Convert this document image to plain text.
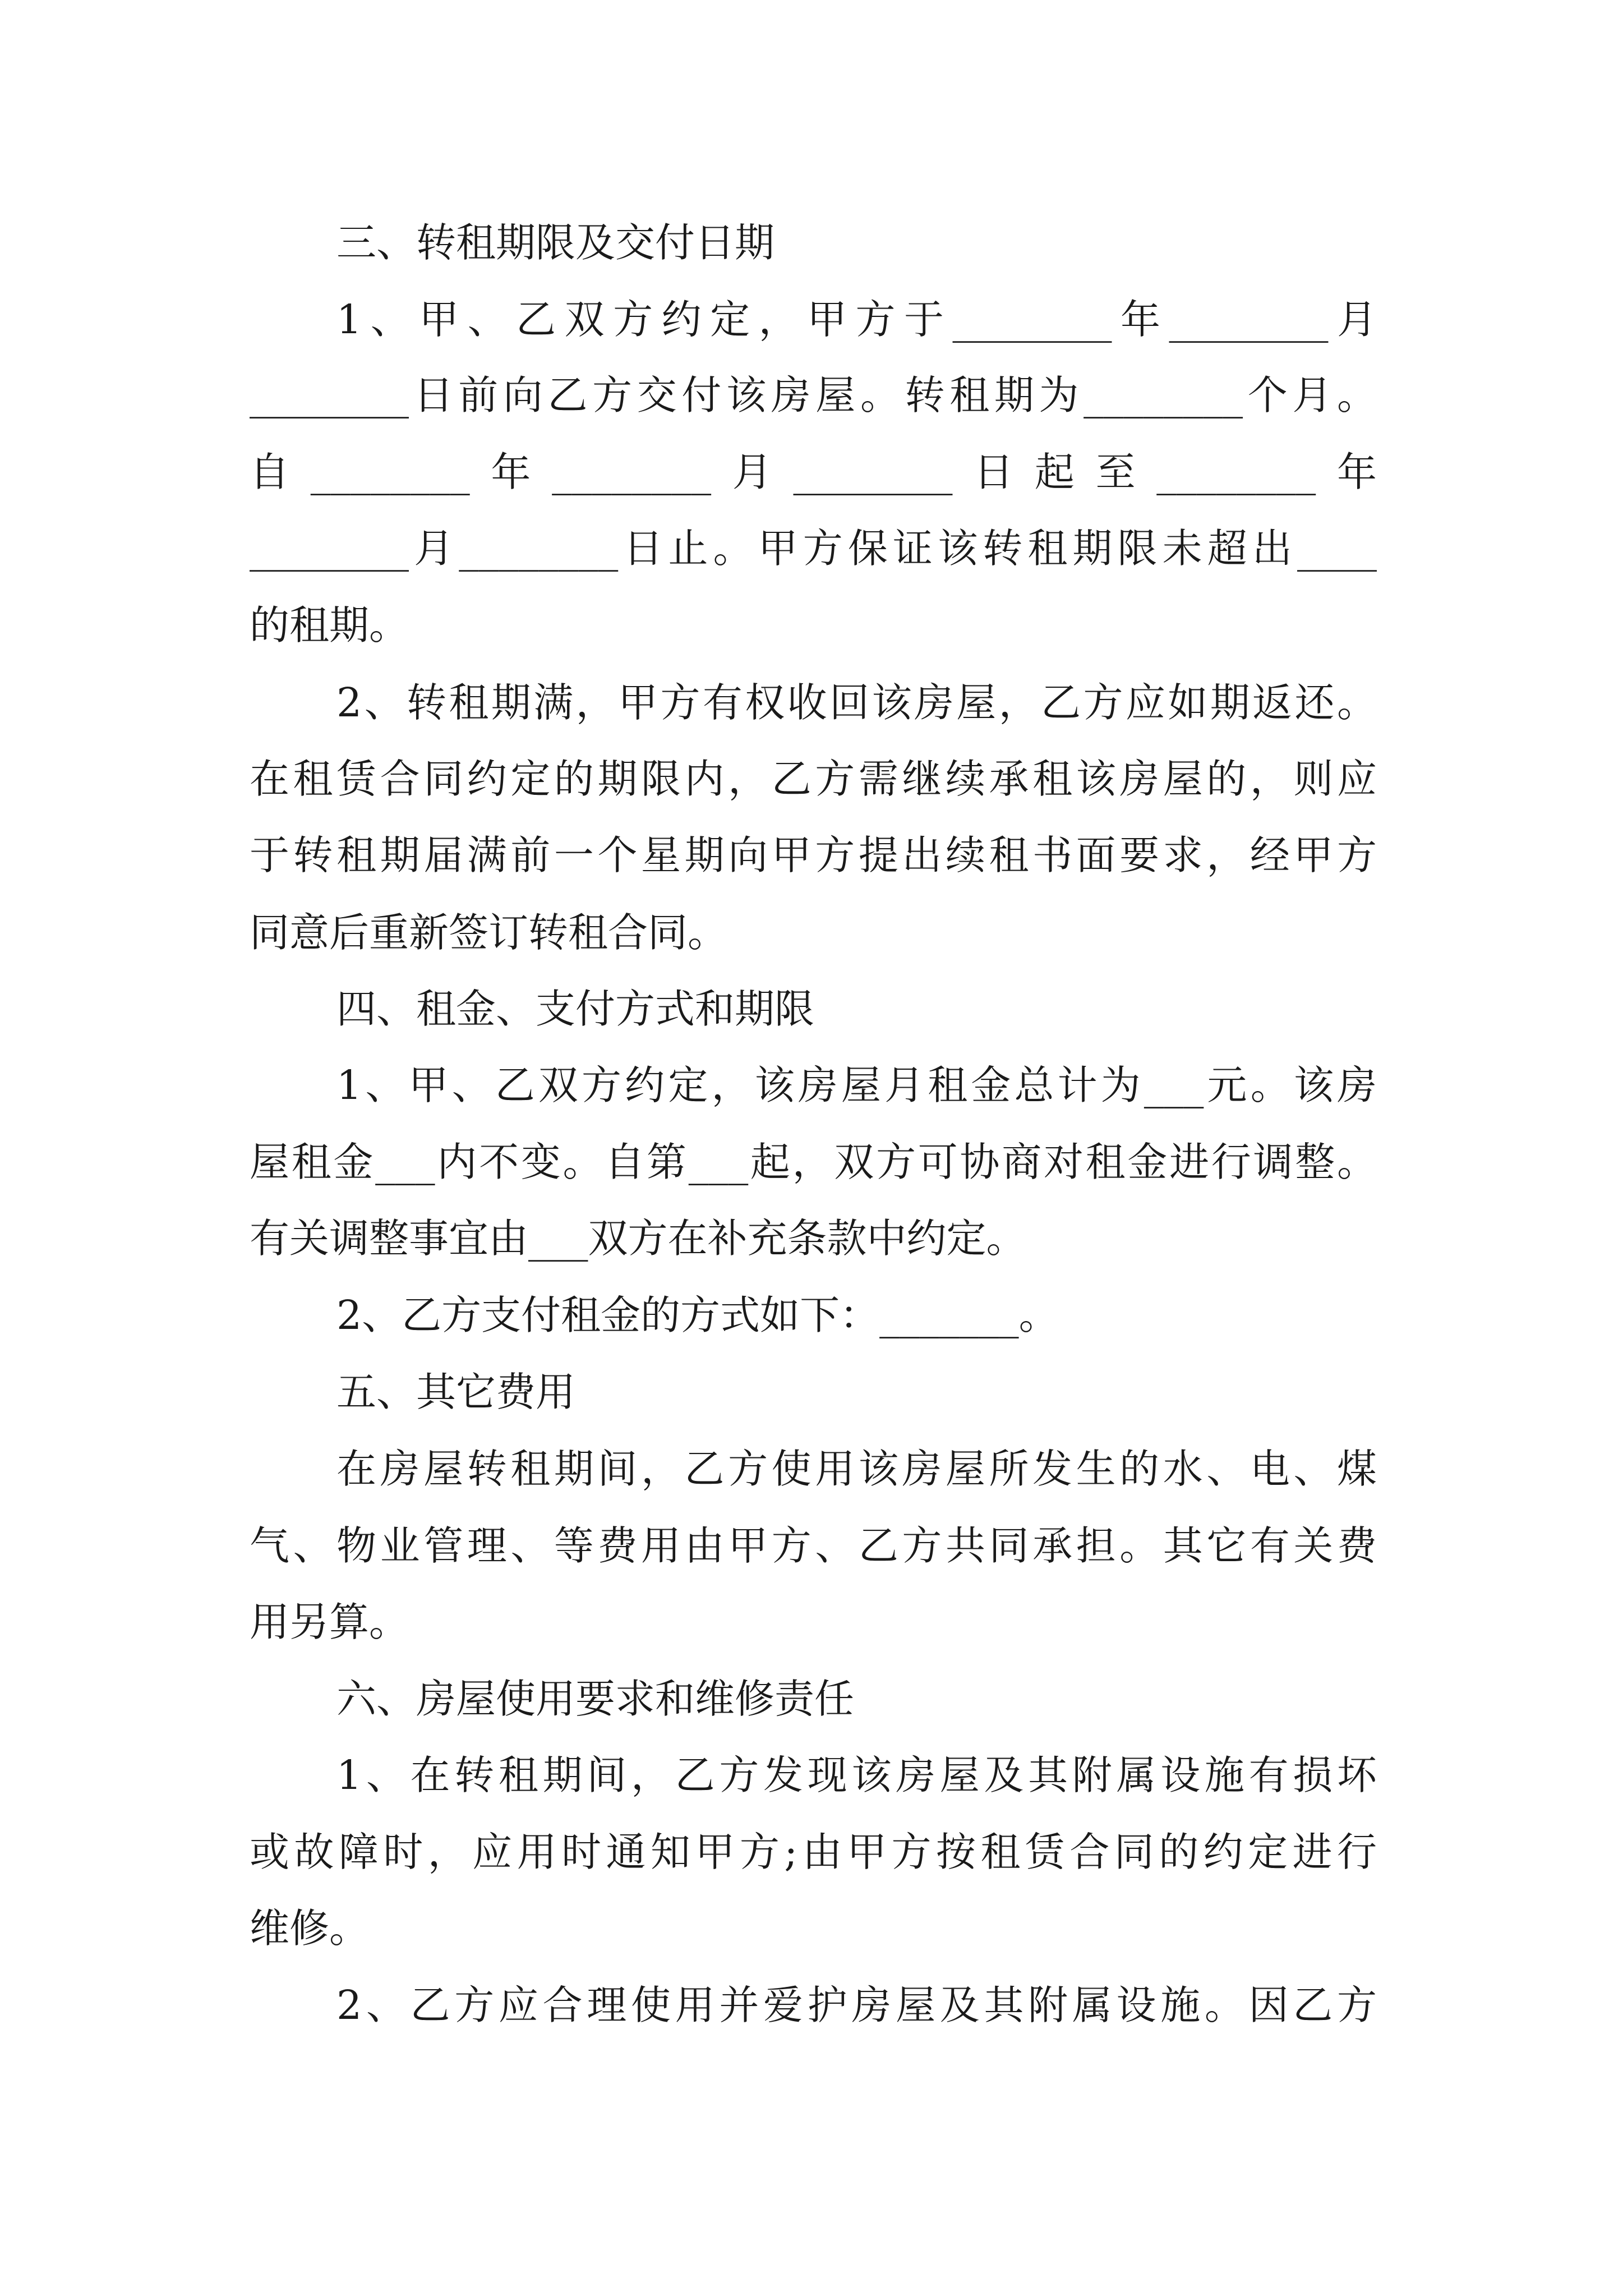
三、转租期限及交付日期
1、甲、乙双方约定，甲方于________年________月
________日前向乙方交付该房屋。转租期为________个月。
自________年________月________日起至________年
________月________日止。甲方保证该转租期限未超出____
的租期。
2、转租期满，甲方有权收回该房屋，乙方应如期返还。
在租赁合同约定的期限内，乙方需继续承租该房屋的，则应
于转租期届满前一个星期向甲方提出续租书面要求，经甲方
同意后重新签订转租合同。
四、租金、支付方式和期限
1、甲、乙双方约定，该房屋月租金总计为___元。该房
屋租金___内不变。自第___起，双方可协商对租金进行调整。
有关调整事宜由___双方在补充条款中约定。
2、乙方支付租金的方式如下：_______。
五、其它费用
在房屋转租期间，乙方使用该房屋所发生的水、电、煤
气、物业管理、等费用由甲方、乙方共同承担。其它有关费
用另算。
六、房屋使用要求和维修责任
1、在转租期间，乙方发现该房屋及其附属设施有损坏
或故障时，应用时通知甲方;由甲方按租赁合同的约定进行
维修。
2、乙方应合理使用并爱护房屋及其附属设施。因乙方
